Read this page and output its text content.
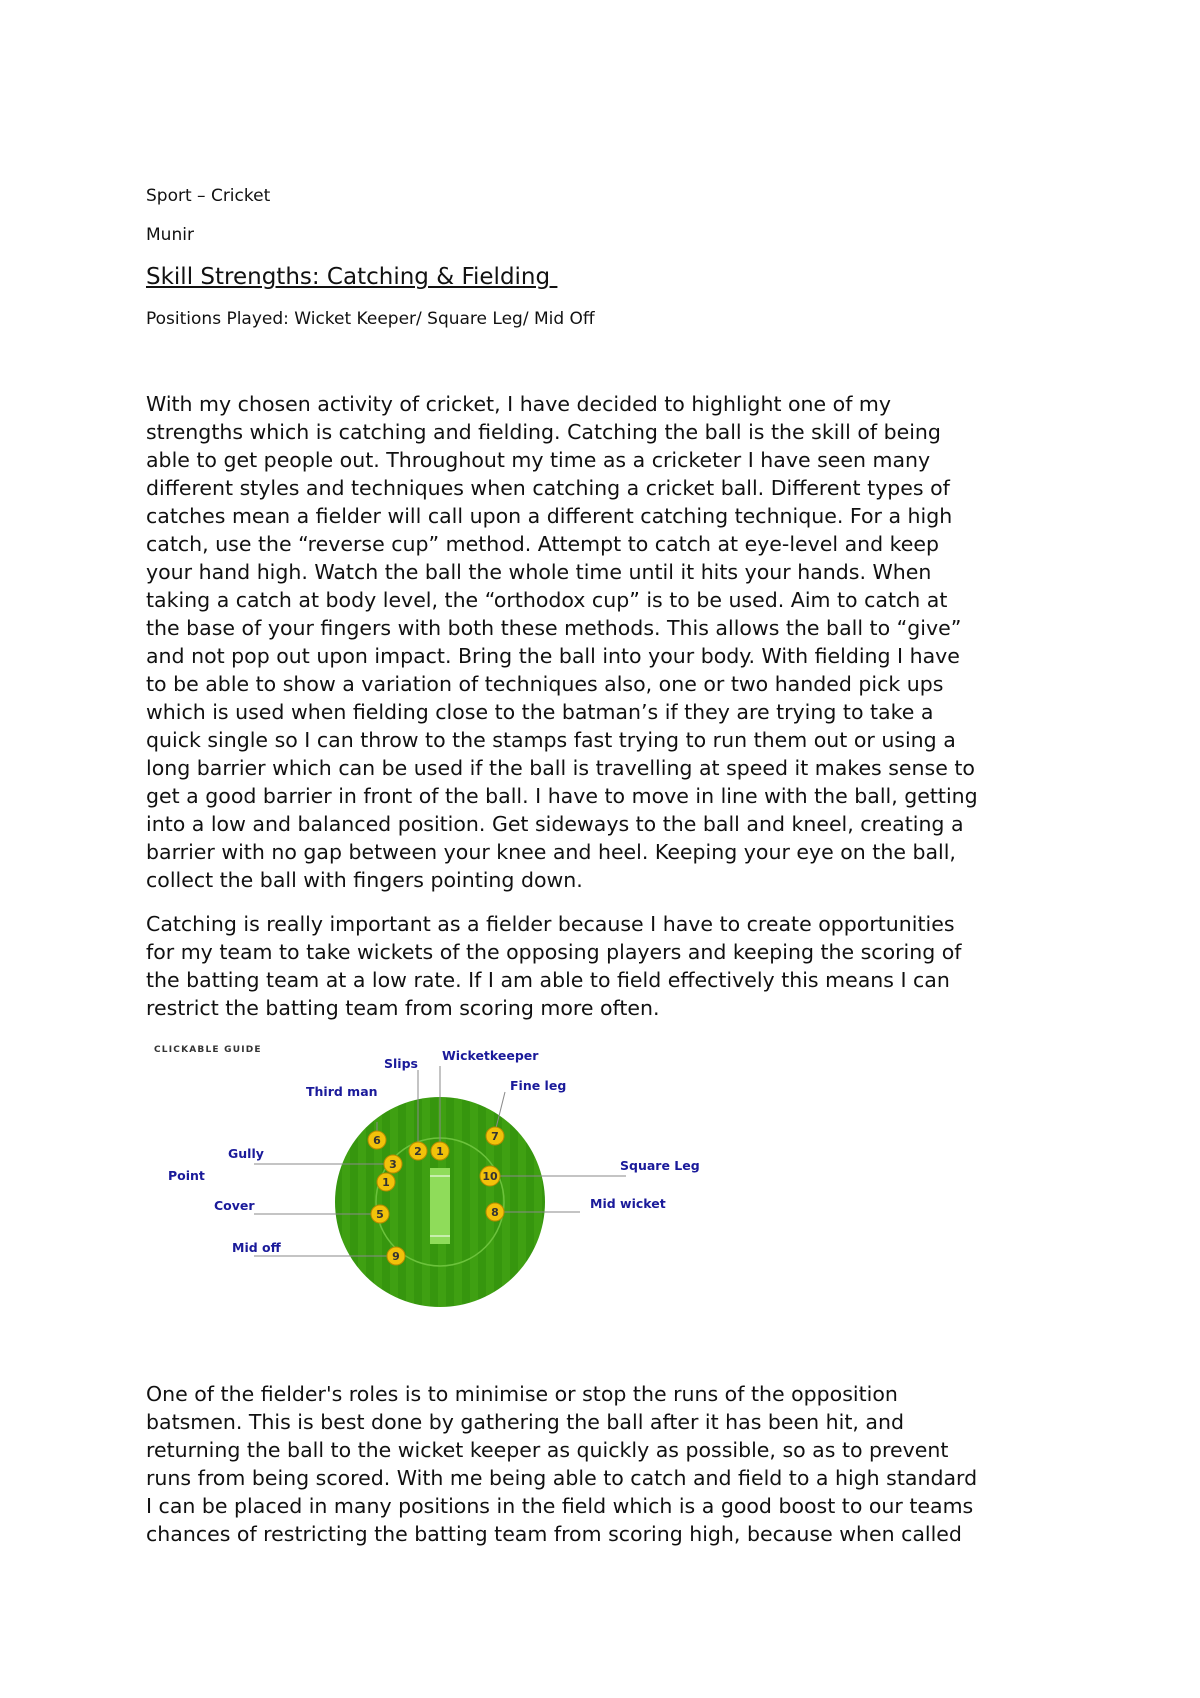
Sport – Cricket

Munir

Skill Strengths: Catching & Fielding

Positions Played: Wicket Keeper/ Square Leg/ Mid Off

With my chosen activity of cricket, I have decided to highlight one of my
strengths which is catching and fielding. Catching the ball is the skill of being
able to get people out. Throughout my time as a cricketer I have seen many
different styles and techniques when catching a cricket ball. Different types of
catches mean a fielder will call upon a different catching technique. For a high
catch, use the “reverse cup” method. Attempt to catch at eye-level and keep
your hand high. Watch the ball the whole time until it hits your hands. When
taking a catch at body level, the “orthodox cup” is to be used. Aim to catch at
the base of your fingers with both these methods. This allows the ball to “give”
and not pop out upon impact. Bring the ball into your body. With fielding I have
to be able to show a variation of techniques also, one or two handed pick ups
which is used when fielding close to the batman’s if they are trying to take a
quick single so I can throw to the stamps fast trying to run them out or using a
long barrier which can be used if the ball is travelling at speed it makes sense to
get a good barrier in front of the ball. I have to move in line with the ball, getting
into a low and balanced position. Get sideways to the ball and kneel, creating a
barrier with no gap between your knee and heel. Keeping your eye on the ball,
collect the ball with fingers pointing down.

Catching is really important as a fielder because I have to create opportunities
for my team to take wickets of the opposing players and keeping the scoring of
the batting team at a low rate. If I am able to field effectively this means I can
restrict the batting team from scoring more often.

CLICKABLE GUIDE
6
2 1
7
3
1	10
5	8
9
Slips
Wicketkeeper
Third man	Fine leg
Gully
Point
Square Leg
Cover	Mid wicket
Mid off

One of the fielder's roles is to minimise or stop the runs of the opposition
batsmen. This is best done by gathering the ball after it has been hit, and
returning the ball to the wicket keeper as quickly as possible, so as to prevent
runs from being scored. With me being able to catch and field to a high standard
I can be placed in many positions in the field which is a good boost to our teams
chances of restricting the batting team from scoring high, because when called
